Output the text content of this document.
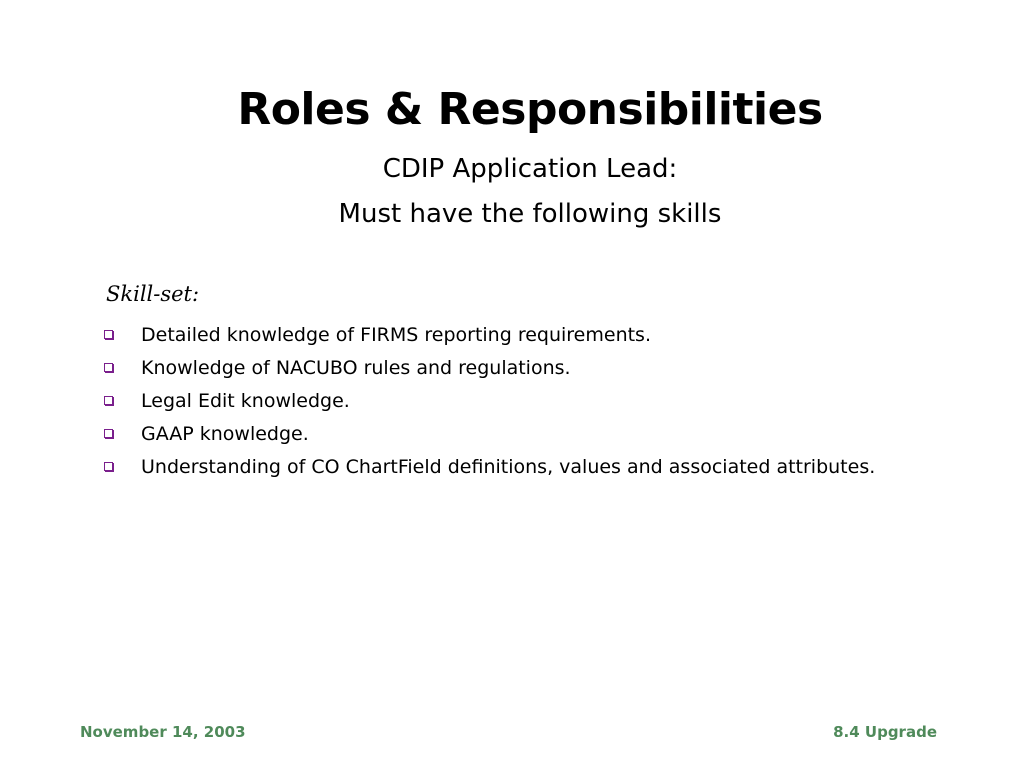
Roles & Responsibilities
CDIP Application Lead:
Must have the following skills
Skill-set:
Detailed knowledge of FIRMS reporting requirements.
Knowledge of NACUBO rules and regulations.
Legal Edit knowledge.
GAAP knowledge.
Understanding of CO ChartField definitions, values and associated attributes.
November 14, 2003	8.4 Upgrade
